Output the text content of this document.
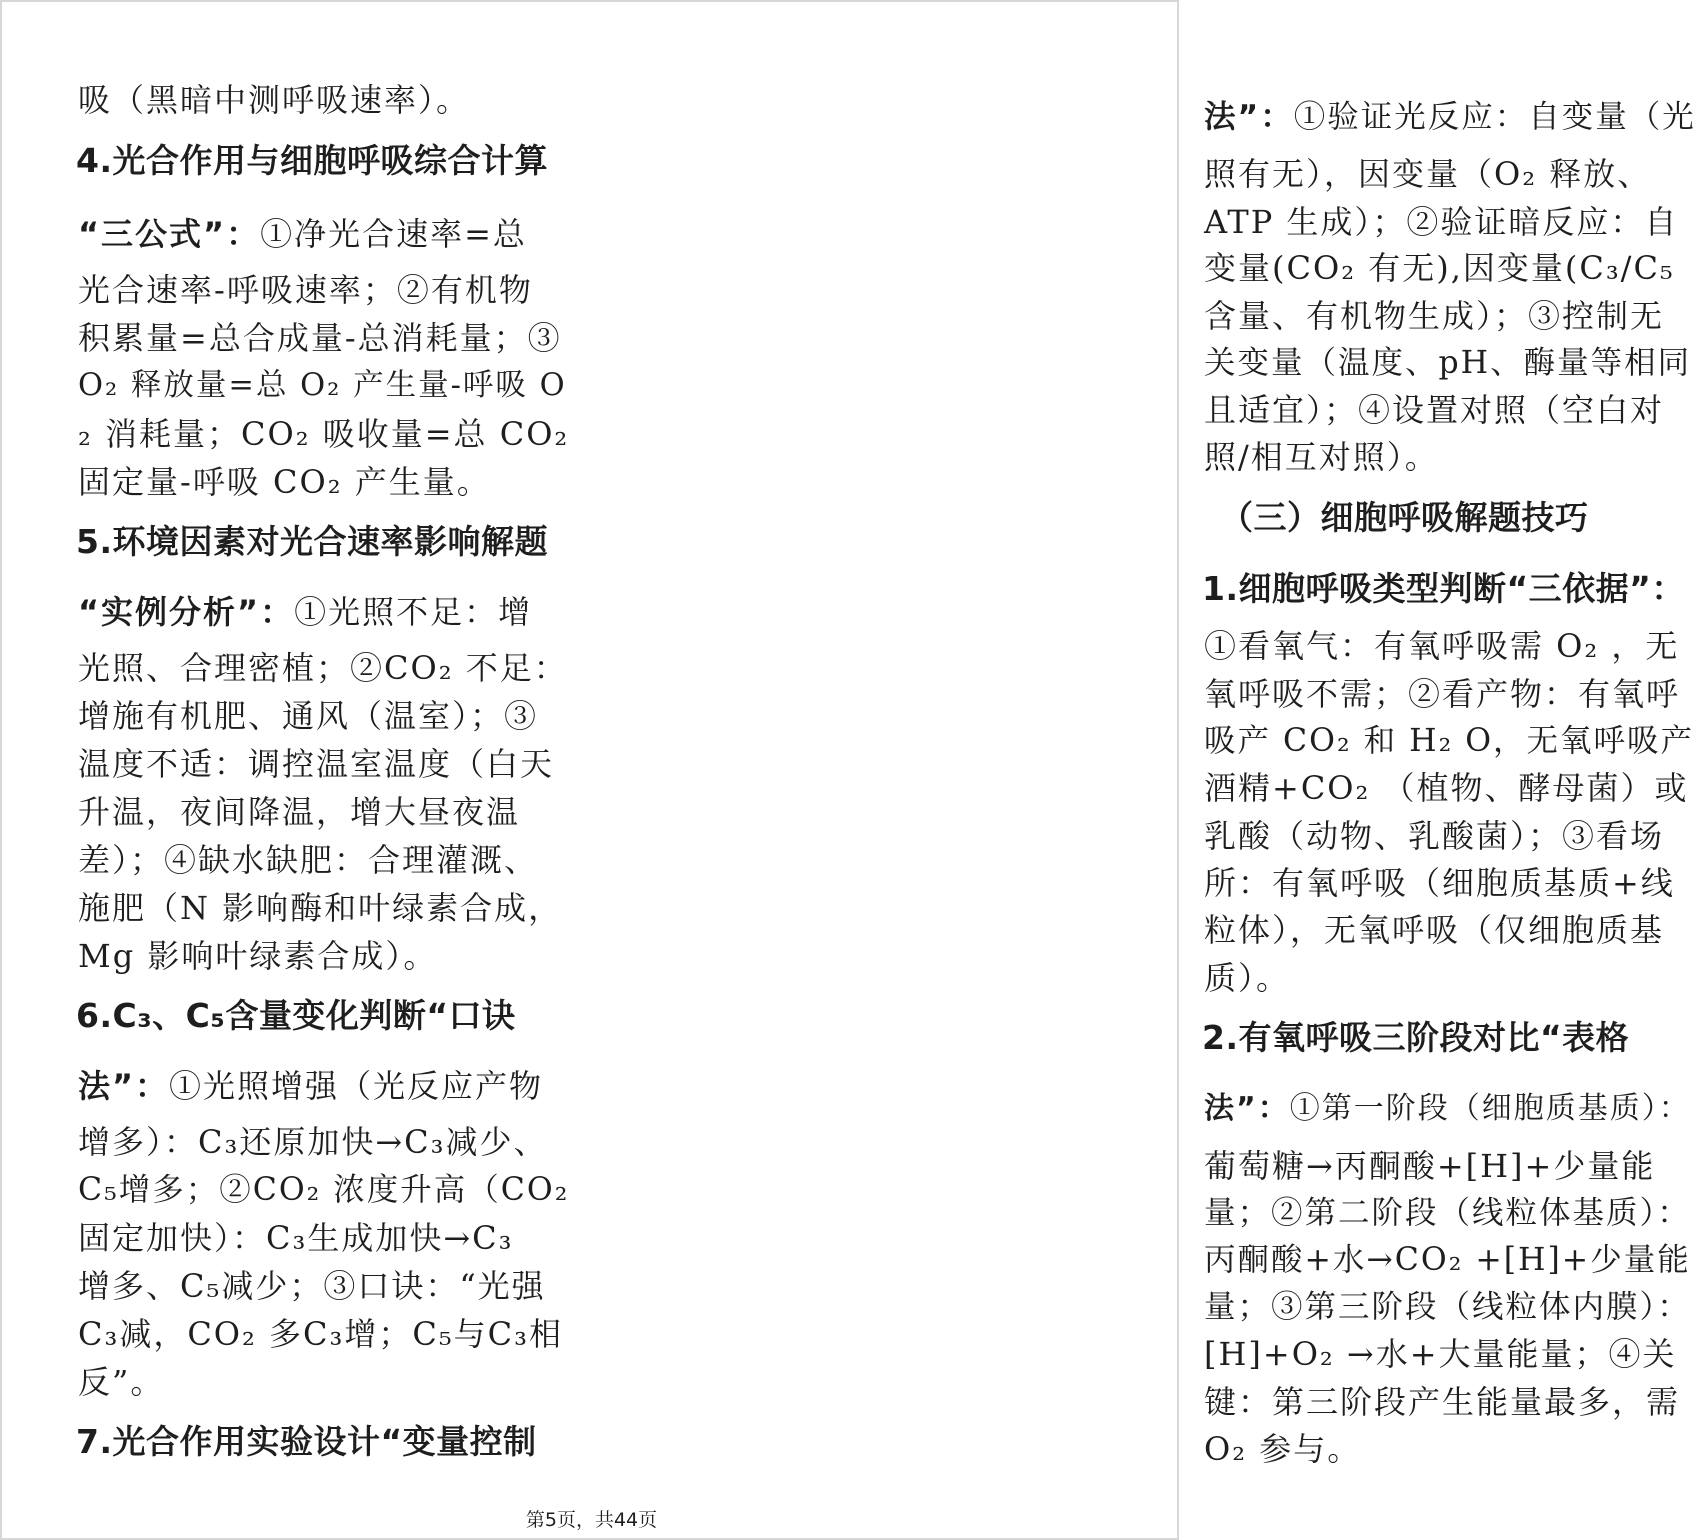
吸（黑暗中测呼吸速率）。
4.光合作用与细胞呼吸综合计算
“三公式”：①净光合速率=总
光合速率-呼吸速率；②有机物
积累量=总合成量-总消耗量；③
O₂ 释放量=总 O₂ 产生量-呼吸 O
₂ 消耗量；CO₂ 吸收量=总 CO₂
固定量-呼吸 CO₂ 产生量。
5.环境因素对光合速率影响解题
“实例分析”：①光照不足：增
光照、合理密植；②CO₂ 不足：
增施有机肥、通风（温室）；③
温度不适：调控温室温度（白天
升温，夜间降温，增大昼夜温
差）；④缺水缺肥：合理灌溉、
施肥（N 影响酶和叶绿素合成，
Mg 影响叶绿素合成）。
6.C₃、C₅含量变化判断“口诀
法”：①光照增强（光反应产物
增多）：C₃还原加快→C₃减少、
C₅增多；②CO₂ 浓度升高（CO₂
固定加快）：C₃生成加快→C₃
增多、C₅减少；③口诀：“光强
C₃减，CO₂ 多C₃增；C₅与C₃相
反”。
7.光合作用实验设计“变量控制
法”：①验证光反应：自变量（光
照有无），因变量（O₂ 释放、
ATP 生成）；②验证暗反应：自
变量(CO₂ 有无),因变量(C₃/C₅
含量、有机物生成）；③控制无
关变量（温度、pH、酶量等相同
且适宜）；④设置对照（空白对
照/相互对照）。
（三）细胞呼吸解题技巧
1.细胞呼吸类型判断“三依据”：
①看氧气：有氧呼吸需 O₂ ，无
氧呼吸不需；②看产物：有氧呼
吸产 CO₂ 和 H₂ O，无氧呼吸产
酒精+CO₂ （植物、酵母菌）或
乳酸（动物、乳酸菌）；③看场
所：有氧呼吸（细胞质基质+线
粒体），无氧呼吸（仅细胞质基
质）。
2.有氧呼吸三阶段对比“表格
法”：①第一阶段（细胞质基质）：
葡萄糖→丙酮酸+[H]+少量能
量；②第二阶段（线粒体基质）：
丙酮酸+水→CO₂ +[H]+少量能
量；③第三阶段（线粒体内膜）：
[H]+O₂ →水+大量能量；④关
键：第三阶段产生能量最多，需
O₂ 参与。
第5页，共44页
